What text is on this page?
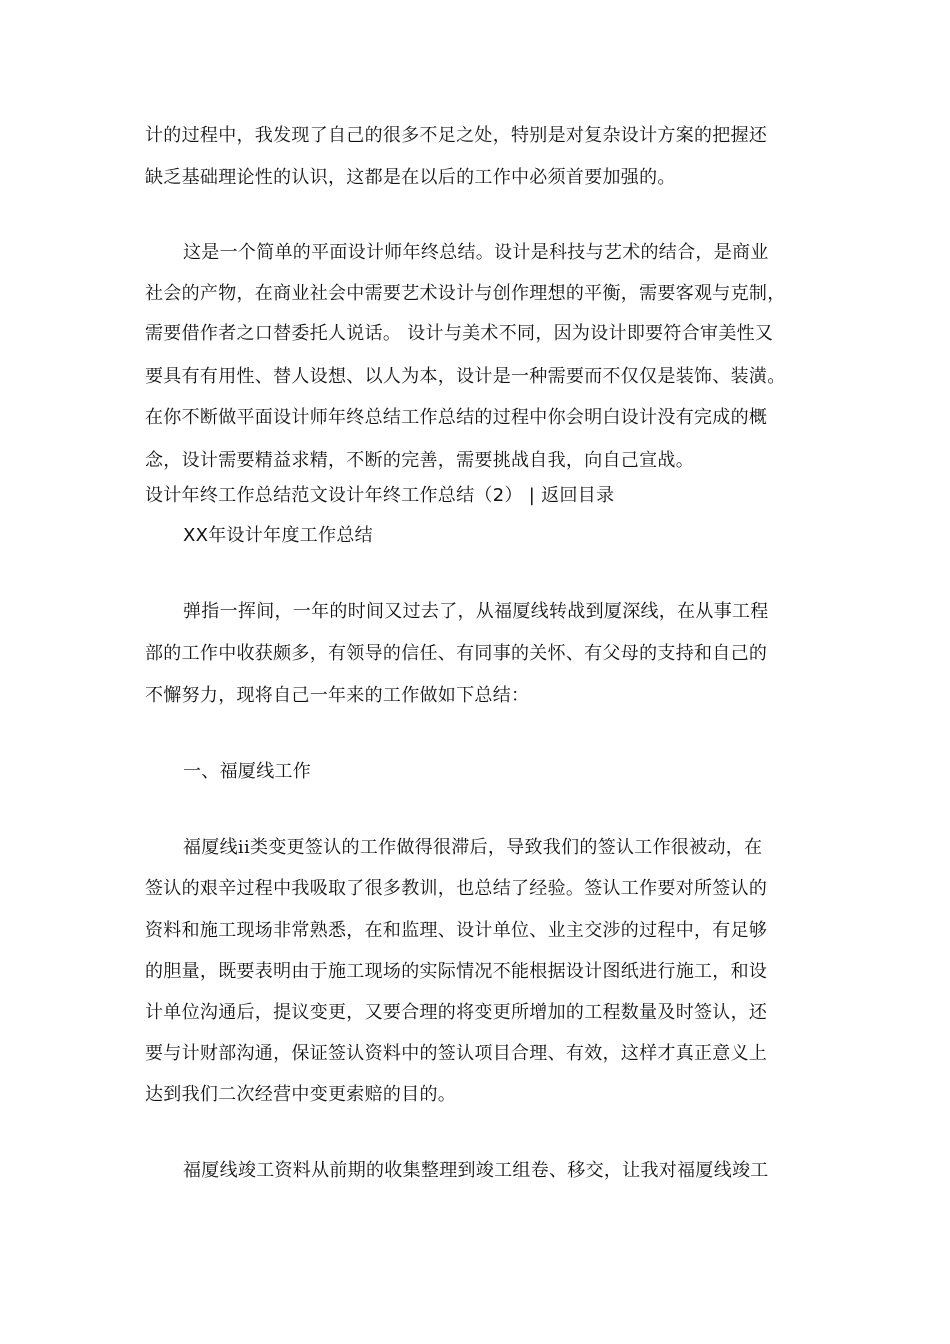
计的过程中，我发现了自己的很多不足之处，特别是对复杂设计方案的把握还
缺乏基础理论性的认识，这都是在以后的工作中必须首要加强的。
这是一个简单的平面设计师年终总结。设计是科技与艺术的结合，是商业
社会的产物，在商业社会中需要艺术设计与创作理想的平衡，需要客观与克制，
需要借作者之口替委托人说话。 设计与美术不同，因为设计即要符合审美性又
要具有有用性、替人设想、以人为本，设计是一种需要而不仅仅是装饰、装潢。
在你不断做平面设计师年终总结工作总结的过程中你会明白设计没有完成的概
念，设计需要精益求精，不断的完善，需要挑战自我，向自己宣战。
设计年终工作总结范文设计年终工作总结（2） | 返回目录
XX年设计年度工作总结
弹指一挥间，一年的时间又过去了，从福厦线转战到厦深线，在从事工程
部的工作中收获颇多，有领导的信任、有同事的关怀、有父母的支持和自己的
不懈努力，现将自己一年来的工作做如下总结：
一、福厦线工作
福厦线ii类变更签认的工作做得很滞后，导致我们的签认工作很被动，在
签认的艰辛过程中我吸取了很多教训，也总结了经验。签认工作要对所签认的
资料和施工现场非常熟悉，在和监理、设计单位、业主交涉的过程中，有足够
的胆量，既要表明由于施工现场的实际情况不能根据设计图纸进行施工，和设
计单位沟通后，提议变更，又要合理的将变更所增加的工程数量及时签认，还
要与计财部沟通，保证签认资料中的签认项目合理、有效，这样才真正意义上
达到我们二次经营中变更索赔的目的。
福厦线竣工资料从前期的收集整理到竣工组卷、移交，让我对福厦线竣工
